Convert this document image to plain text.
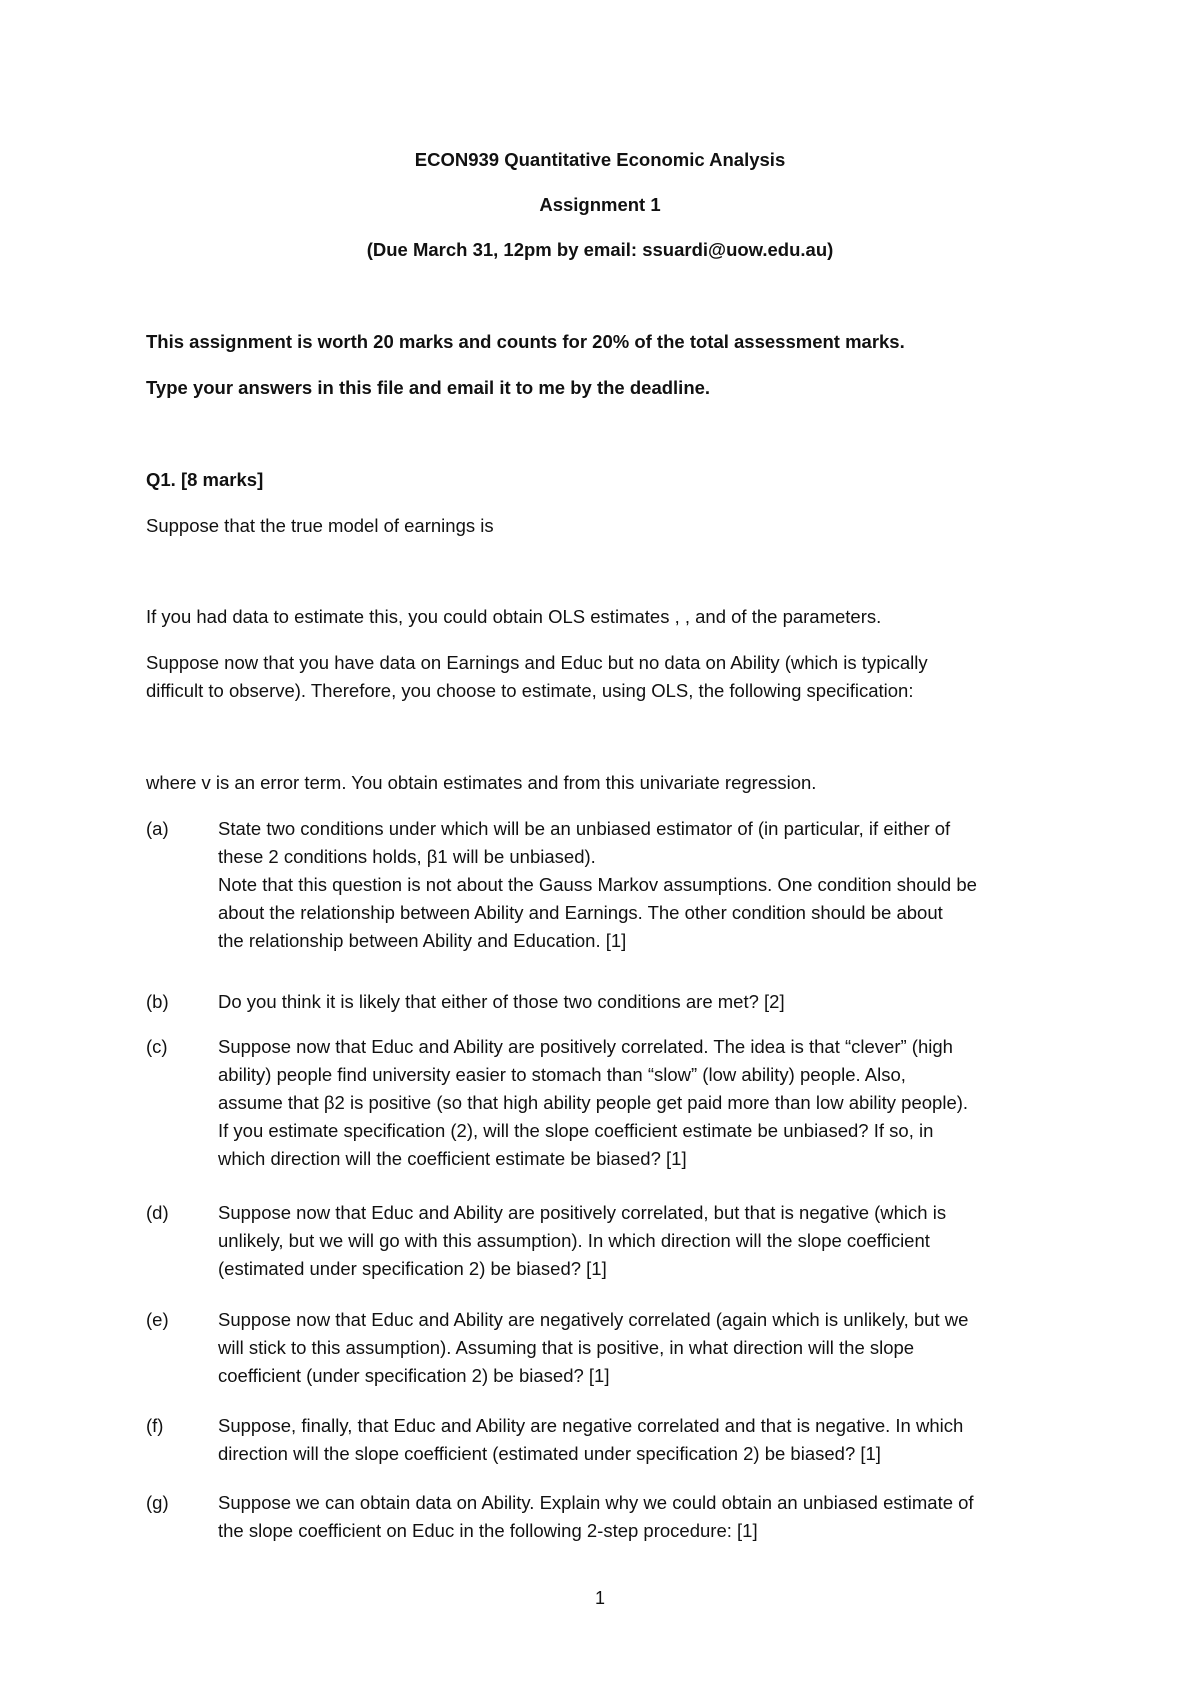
ECON939 Quantitative Economic Analysis
Assignment 1
(Due March 31, 12pm by email: ssuardi@uow.edu.au)
This assignment is worth 20 marks and counts for 20% of the total assessment marks.
Type your answers in this file and email it to me by the deadline.
Q1. [8 marks]
Suppose that the true model of earnings is
If you had data to estimate this, you could obtain OLS estimates , , and of the parameters.
Suppose now that you have data on Earnings and Educ but no data on Ability (which is typically
difficult to observe). Therefore, you choose to estimate, using OLS, the following specification:
where v is an error term. You obtain estimates and from this univariate regression.
(a)	State two conditions under which will be an unbiased estimator of (in particular, if either of
these 2 conditions holds, β1 will be unbiased).
Note that this question is not about the Gauss Markov assumptions. One condition should be
about the relationship between Ability and Earnings. The other condition should be about
the relationship between Ability and Education. [1]
(b)	Do you think it is likely that either of those two conditions are met? [2]
(c)	Suppose now that Educ and Ability are positively correlated. The idea is that “clever” (high
ability) people find university easier to stomach than “slow” (low ability) people. Also,
assume that β2 is positive (so that high ability people get paid more than low ability people).
If you estimate specification (2), will the slope coefficient estimate be unbiased? If so, in
which direction will the coefficient estimate be biased? [1]
(d)	Suppose now that Educ and Ability are positively correlated, but that is negative (which is
unlikely, but we will go with this assumption). In which direction will the slope coefficient
(estimated under specification 2) be biased? [1]
(e)	Suppose now that Educ and Ability are negatively correlated (again which is unlikely, but we
will stick to this assumption). Assuming that is positive, in what direction will the slope
coefficient (under specification 2) be biased? [1]
(f)	Suppose, finally, that Educ and Ability are negative correlated and that is negative. In which
direction will the slope coefficient (estimated under specification 2) be biased? [1]
(g)	Suppose we can obtain data on Ability. Explain why we could obtain an unbiased estimate of
the slope coefficient on Educ in the following 2-step procedure: [1]
1
